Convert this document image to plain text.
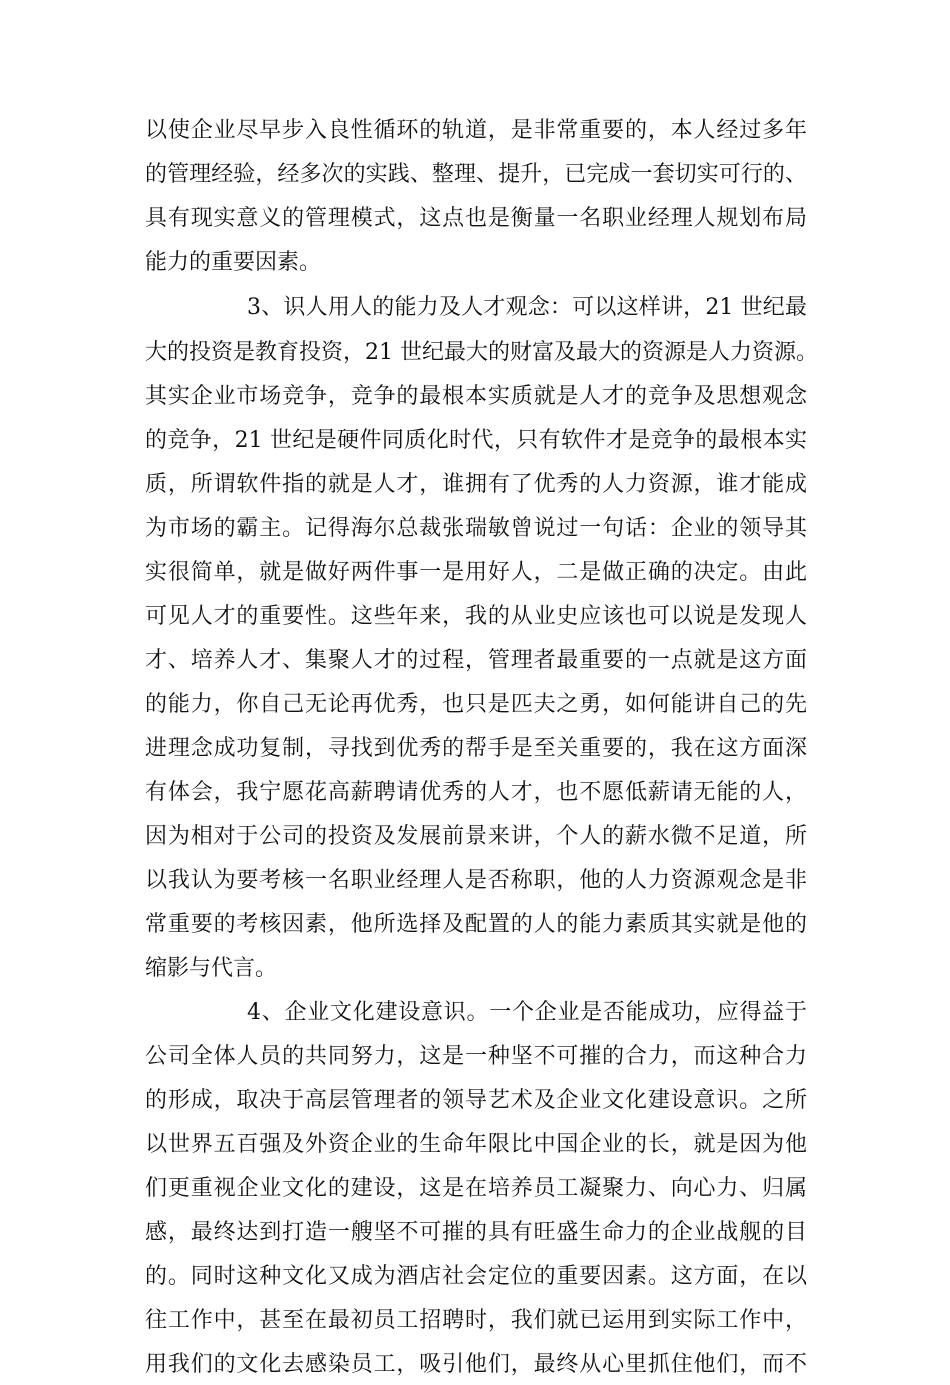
以使企业尽早步入良性循环的轨道，是非常重要的，本人经过多年
的管理经验，经多次的实践、整理、提升，已完成一套切实可行的、
具有现实意义的管理模式，这点也是衡量一名职业经理人规划布局
能力的重要因素。
3、识人用人的能力及人才观念：可以这样讲，21 世纪最
大的投资是教育投资，21 世纪最大的财富及最大的资源是人力资源。
其实企业市场竞争，竞争的最根本实质就是人才的竞争及思想观念
的竞争，21 世纪是硬件同质化时代，只有软件才是竞争的最根本实
质，所谓软件指的就是人才，谁拥有了优秀的人力资源，谁才能成
为市场的霸主。记得海尔总裁张瑞敏曾说过一句话：企业的领导其
实很简单，就是做好两件事一是用好人，二是做正确的决定。由此
可见人才的重要性。这些年来，我的从业史应该也可以说是发现人
才、培养人才、集聚人才的过程，管理者最重要的一点就是这方面
的能力，你自己无论再优秀，也只是匹夫之勇，如何能讲自己的先
进理念成功复制，寻找到优秀的帮手是至关重要的，我在这方面深
有体会，我宁愿花高薪聘请优秀的人才，也不愿低薪请无能的人，
因为相对于公司的投资及发展前景来讲，个人的薪水微不足道，所
以我认为要考核一名职业经理人是否称职，他的人力资源观念是非
常重要的考核因素，他所选择及配置的人的能力素质其实就是他的
缩影与代言。
4、企业文化建设意识。一个企业是否能成功，应得益于
公司全体人员的共同努力，这是一种坚不可摧的合力，而这种合力
的形成，取决于高层管理者的领导艺术及企业文化建设意识。之所
以世界五百强及外资企业的生命年限比中国企业的长，就是因为他
们更重视企业文化的建设，这是在培养员工凝聚力、向心力、归属
感，最终达到打造一艘坚不可摧的具有旺盛生命力的企业战舰的目
的。同时这种文化又成为酒店社会定位的重要因素。这方面，在以
往工作中，甚至在最初员工招聘时，我们就已运用到实际工作中，
用我们的文化去感染员工，吸引他们，最终从心里抓住他们，而不
